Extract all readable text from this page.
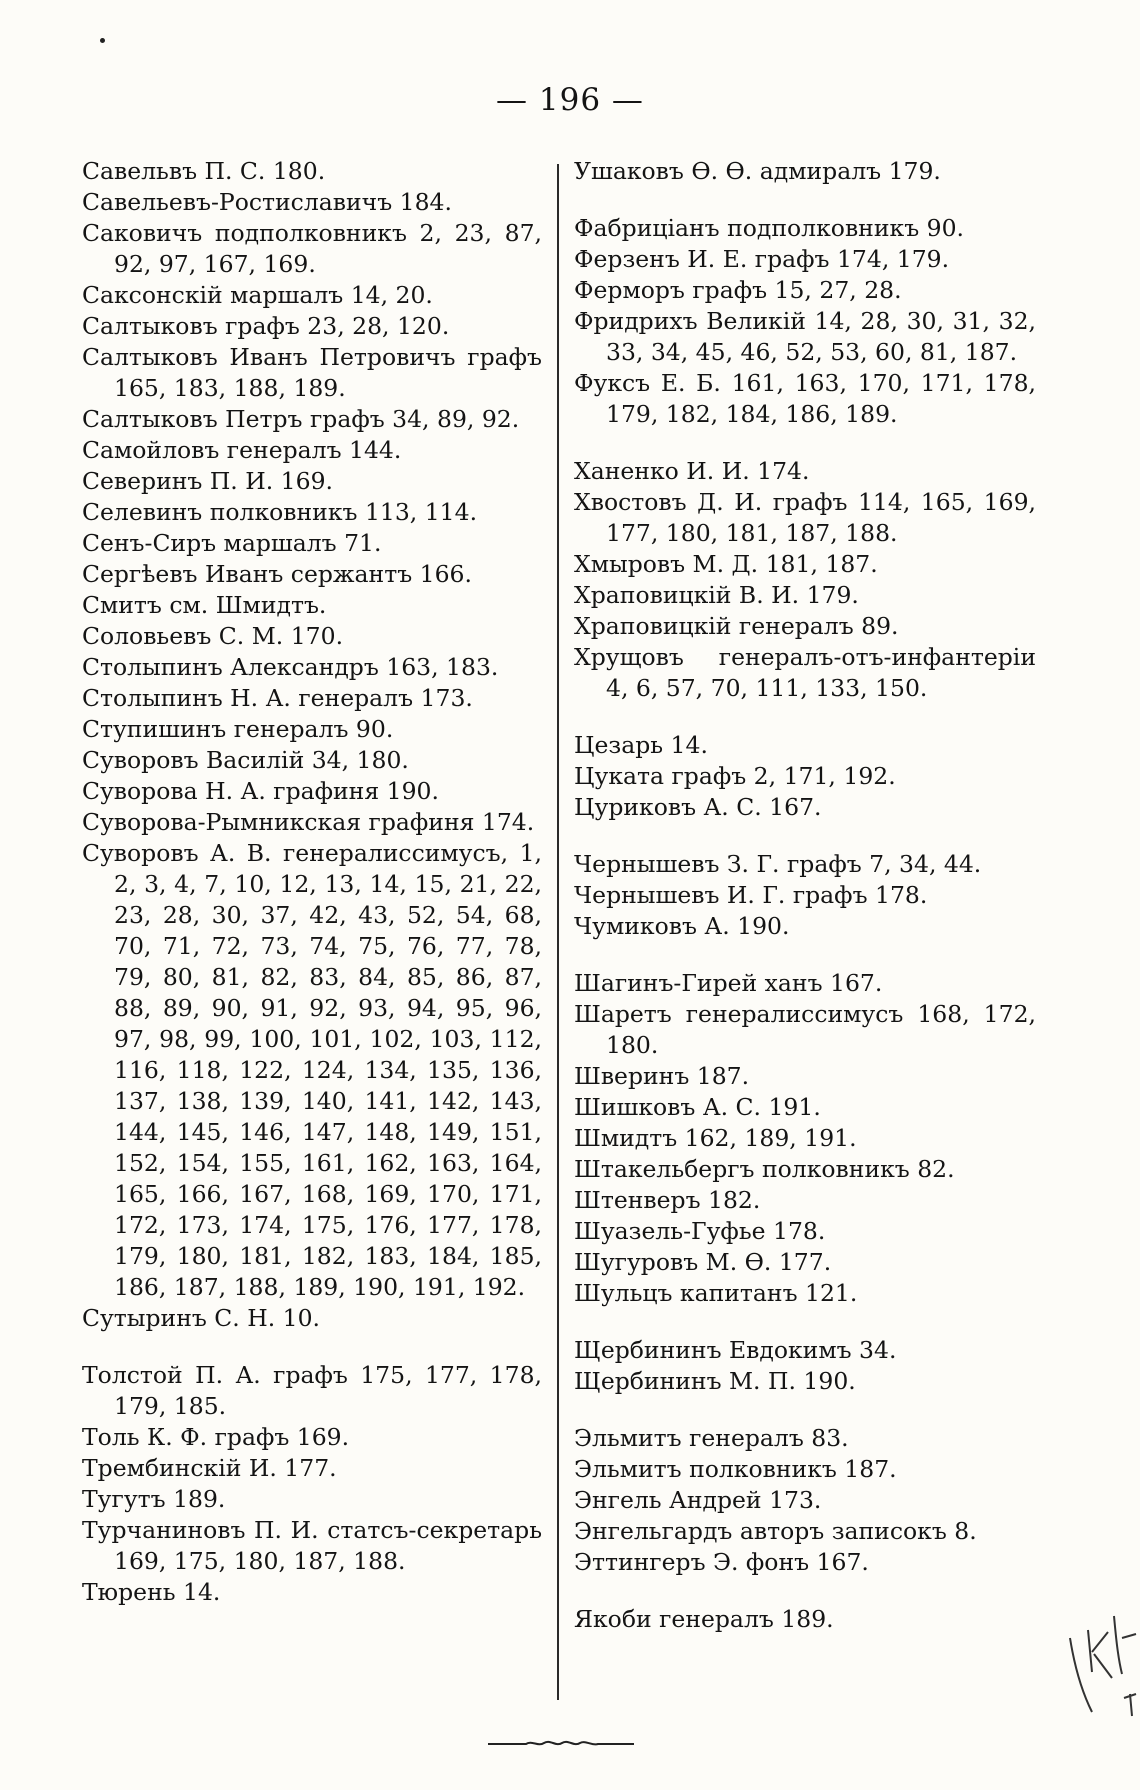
— 196 —

Савельвъ П. С. 180.

Савельевъ-Ростиславичъ 184.

Саковичъ подполковникъ 2, 23, 87, 92, 97, 167, 169.

Саксонскій маршалъ 14, 20.

Салтыковъ графъ 23, 28, 120.

Салтыковъ Иванъ Петровичъ графъ 165, 183, 188, 189.

Салтыковъ Петръ графъ 34, 89, 92.

Самойловъ генералъ 144.

Северинъ П. И. 169.

Селевинъ полковникъ 113, 114.

Сенъ-Сиръ маршалъ 71.

Сергѣевъ Иванъ сержантъ 166.

Смитъ см. Шмидтъ.

Соловьевъ С. М. 170.

Столыпинъ Александръ 163, 183.

Столыпинъ Н. А. генералъ 173.

Ступишинъ генералъ 90.

Суворовъ Василій 34, 180.

Суворова Н. А. графиня 190.

Суворова-Рымникская графиня 174.

Суворовъ А. В. генералиссимусъ, 1, 2, 3, 4, 7, 10, 12, 13, 14, 15, 21, 22, 23, 28, 30, 37, 42, 43, 52, 54, 68, 70, 71, 72, 73, 74, 75, 76, 77, 78, 79, 80, 81, 82, 83, 84, 85, 86, 87, 88, 89, 90, 91, 92, 93, 94, 95, 96, 97, 98, 99, 100, 101, 102, 103, 112, 116, 118, 122, 124, 134, 135, 136, 137, 138, 139, 140, 141, 142, 143, 144, 145, 146, 147, 148, 149, 151, 152, 154, 155, 161, 162, 163, 164, 165, 166, 167, 168, 169, 170, 171, 172, 173, 174, 175, 176, 177, 178, 179, 180, 181, 182, 183, 184, 185, 186, 187, 188, 189, 190, 191, 192.

Сутыринъ С. Н. 10.

Толстой П. А. графъ 175, 177, 178, 179, 185.

Толь К. Ф. графъ 169.

Трембинскій И. 177.

Тугутъ 189.

Турчаниновъ П. И. статсъ-секретарь 169, 175, 180, 187, 188.

Тюрень 14.

Ушаковъ Ѳ. Ѳ. адмиралъ 179.

Фабриціанъ подполковникъ 90.

Ферзенъ И. Е. графъ 174, 179.

Ферморъ графъ 15, 27, 28.

Фридрихъ Великій 14, 28, 30, 31, 32, 33, 34, 45, 46, 52, 53, 60, 81, 187.

Фуксъ Е. Б. 161, 163, 170, 171, 178, 179, 182, 184, 186, 189.

Ханенко И. И. 174.

Хвостовъ Д. И. графъ 114, 165, 169, 177, 180, 181, 187, 188.

Хмыровъ М. Д. 181, 187.

Храповицкій В. И. 179.

Храповицкій генералъ 89.

Хрущовъ генералъ-отъ-инфантеріи 4, 6, 57, 70, 111, 133, 150.

Цезарь 14.

Цуката графъ 2, 171, 192.

Цуриковъ А. С. 167.

Чернышевъ З. Г. графъ 7, 34, 44.

Чернышевъ И. Г. графъ 178.

Чумиковъ А. 190.

Шагинъ-Гирей ханъ 167.

Шаретъ генералиссимусъ 168, 172, 180.

Шверинъ 187.

Шишковъ А. С. 191.

Шмидтъ 162, 189, 191.

Штакельбергъ полковникъ 82.

Штенверъ 182.

Шуазель-Гуфье 178.

Шугуровъ М. Ѳ. 177.

Шульцъ капитанъ 121.

Щербининъ Евдокимъ 34.

Щербининъ М. П. 190.

Эльмитъ генералъ 83.

Эльмитъ полковникъ 187.

Энгель Андрей 173.

Энгельгардъ авторъ записокъ 8.

Эттингеръ Э. фонъ 167.

Якоби генералъ 189.
